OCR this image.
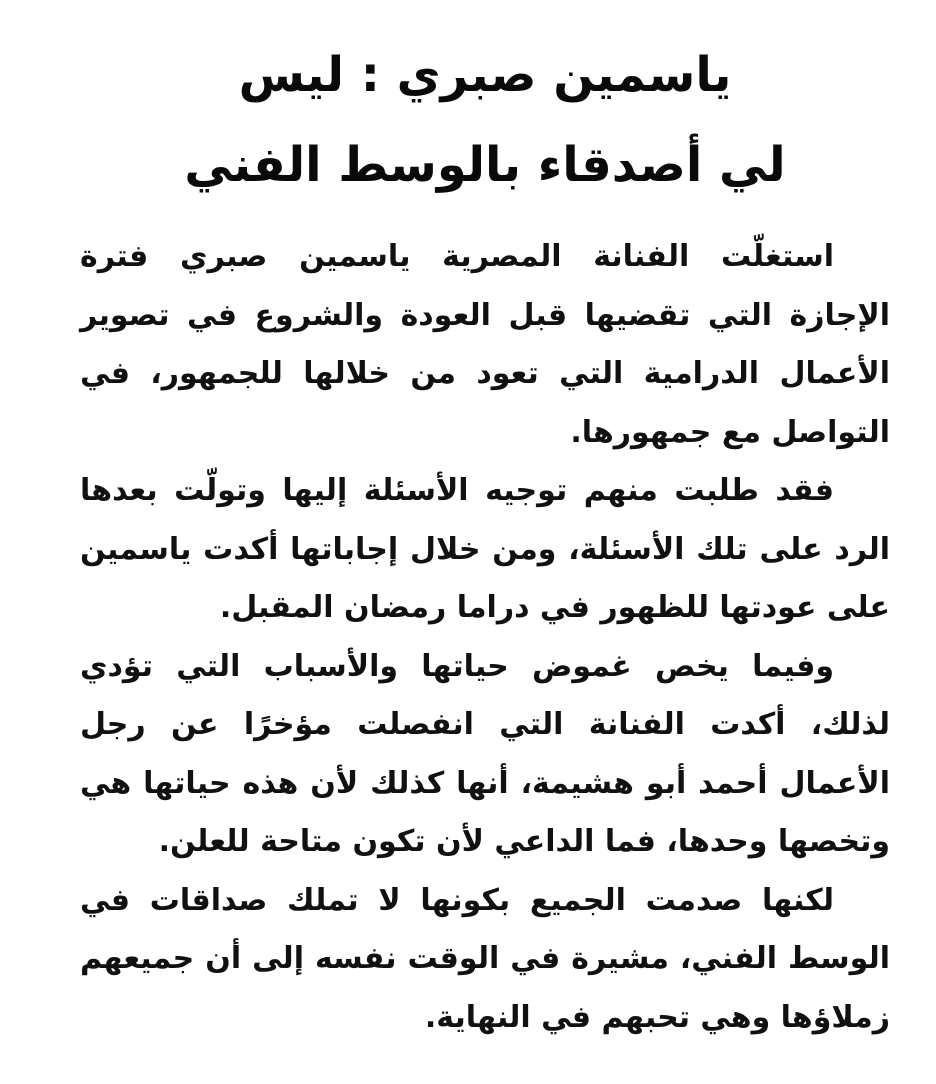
ياسمين صبري : ليس
لي أصدقاء بالوسط الفني

استغلّت الفنانة المصرية ياسمين صبري فترة الإجازة التي تقضيها قبل العودة والشروع في تصوير الأعمال الدرامية التي تعود من خلالها للجمهور، في التواصل مع جمهورها.

فقد طلبت منهم توجيه الأسئلة إليها وتولّت بعدها الرد على تلك الأسئلة، ومن خلال إجاباتها أكدت ياسمين على عودتها للظهور في دراما رمضان المقبل.

وفيما يخص غموض حياتها والأسباب التي تؤدي لذلك، أكدت الفنانة التي انفصلت مؤخرًا عن رجل الأعمال أحمد أبو هشيمة، أنها كذلك لأن هذه حياتها هي وتخصها وحدها، فما الداعي لأن تكون متاحة للعلن.

لكنها صدمت الجميع بكونها لا تملك صداقات في الوسط الفني، مشيرة في الوقت نفسه إلى أن جميعهم زملاؤها وهي تحبهم في النهاية.
